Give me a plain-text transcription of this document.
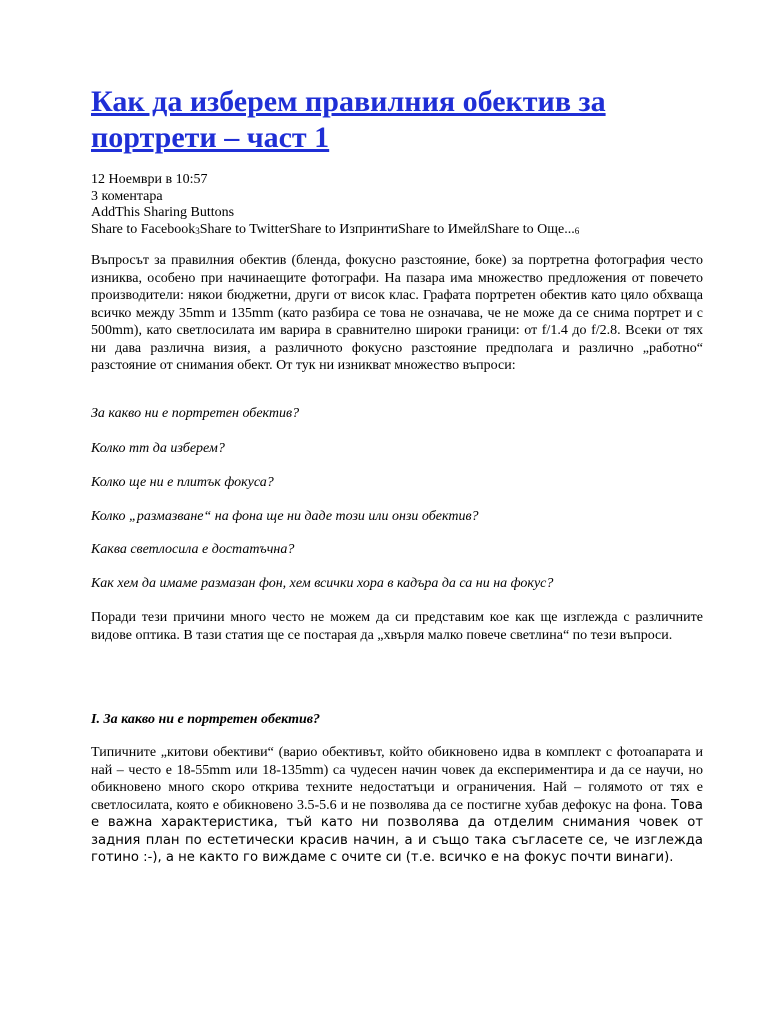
Как да изберем правилния обектив за портрети – част 1
12 Ноември в 10:57
3 коментара
AddThis Sharing Buttons
Share to Facebook3Share to TwitterShare to ИзпринтиShare to ИмейлShare to Още...6

Въпросът за правилния обектив (бленда, фокусно разстояние, боке) за портретна фотография често изниква, особено при начинаещите фотографи. На пазара има множество предложения от повечето производители: някои бюджетни, други от висок клас. Графата портретен обектив като цяло обхваща всичко между 35mm и 135mm (като разбира се това не означава, че не може да се снима портрет и с 500mm), като светлосилата им варира в сравнително широки граници: от f/1.4 до f/2.8. Всеки от тях ни дава различна визия, а различното фокусно разстояние предполага и различно „работно“ разстояние от снимания обект. От тук ни изникват множество въпроси:

За какво ни е портретен обектив?

Колко mm да изберем?

Колко ще ни е плитък фокуса?

Колко „размазване“ на фона ще ни даде този или онзи обектив?

Каква светлосила е достатъчна?

Как хем да имаме размазан фон, хем всички хора в кадъра да са ни на фокус?

Поради тези причини много често не можем да си представим кое как ще изглежда с различните видове оптика. В тази статия ще се постарая да „хвърля малко повече светлина“ по тези въпроси.

I. За какво ни е портретен обектив?

Типичните „китови обективи“ (варио обективът, който обикновено идва в комплект с фотоапарата и най – често е 18-55mm или 18-135mm) са чудесен начин човек да експериментира и да се научи, но обикновено много скоро открива техните недостатъци и ограничения. Най – голямото от тях е светлосилата, която е обикновено 3.5-5.6 и не позволява да се постигне хубав дефокус на фона. Това е важна характеристика, тъй като ни позволява да отделим снимания човек от задния план по естетически красив начин, а и също така съгласете се, че изглежда готино :-), а не както го виждаме с очите си (т.е. всичко е на фокус почти винаги).
